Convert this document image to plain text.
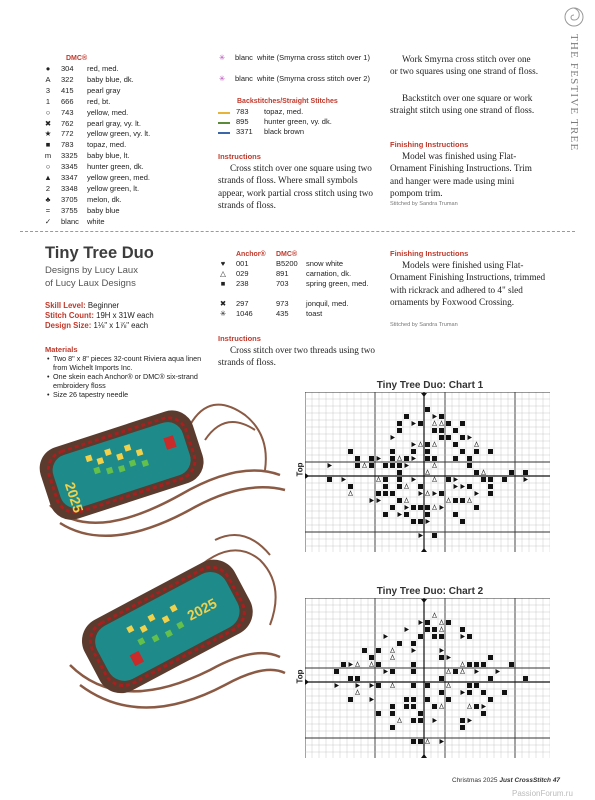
THE FESTIVE TREE
DMC®
●	304 red, med.
A	322 baby blue, dk.
3	415 pearl gray
1	666 red, bt.
○	743 yellow, med.
✖ 762 pearl gray, vy. lt.
★ 772 yellow green, vy. lt.
■	783 topaz, med.
m 3325 baby blue, lt.
○	3345 hunter green, dk.
▲ 3347 yellow green, med.
2	3348 yellow green, lt.
♣	3705 melon, dk.
=	3755 baby blue
✓ blanc white
✳ blanc white (Smyrna cross stitch over 1)
✳ blanc white (Smyrna cross stitch over 2)
Backstitches/Straight Stitches
783 topaz, med.
895 hunter green, vy. dk.
3371 black brown
Instructions
Cross stitch over one square using two strands of floss. Where small symbols appear, work partial cross stitch using two strands of floss.
Work Smyrna cross stitch over one or two squares using one strand of floss.
Backstitch over one square or work straight stitch using one strand of floss.
Finishing Instructions
Model was finished using Flat-Ornament Finishing Instructions. Trim and hanger were made using mini pompom trim.
Stitched by Sandra Truman
Tiny Tree Duo
Designs by Lucy Laux
of Lucy Laux Designs
Skill Level: Beginner
Stitch Count: 19H x 31W each
Design Size: 1⅛" x 1⅞" each
Materials
• Two 8" x 8" pieces 32-count Riviera aqua linen from Wichelt Imports Inc.
• One skein each Anchor® or DMC® six-strand embroidery floss
• Size 26 tapestry needle
Anchor® DMC®
♥	001	B5200 snow white
△ 029	891 carnation, dk.
■	238	703 spring green, med.
✖ 297	973 jonquil, med.
✳ 1046	435 toast
Instructions
Cross stitch over two threads using two strands of floss.
Finishing Instructions
Models were finished using Flat-Ornament Finishing Instructions, trimmed with rickrack and adhered to 4" sled ornaments by Foxwood Crossing.
Stitched by Sandra Truman
2025
2025
Tiny Tree Duo: Chart 1
Top
Tiny Tree Duo: Chart 2
Top
Christmas 2025 Just CrossStitch 47
PassionForum.ru
